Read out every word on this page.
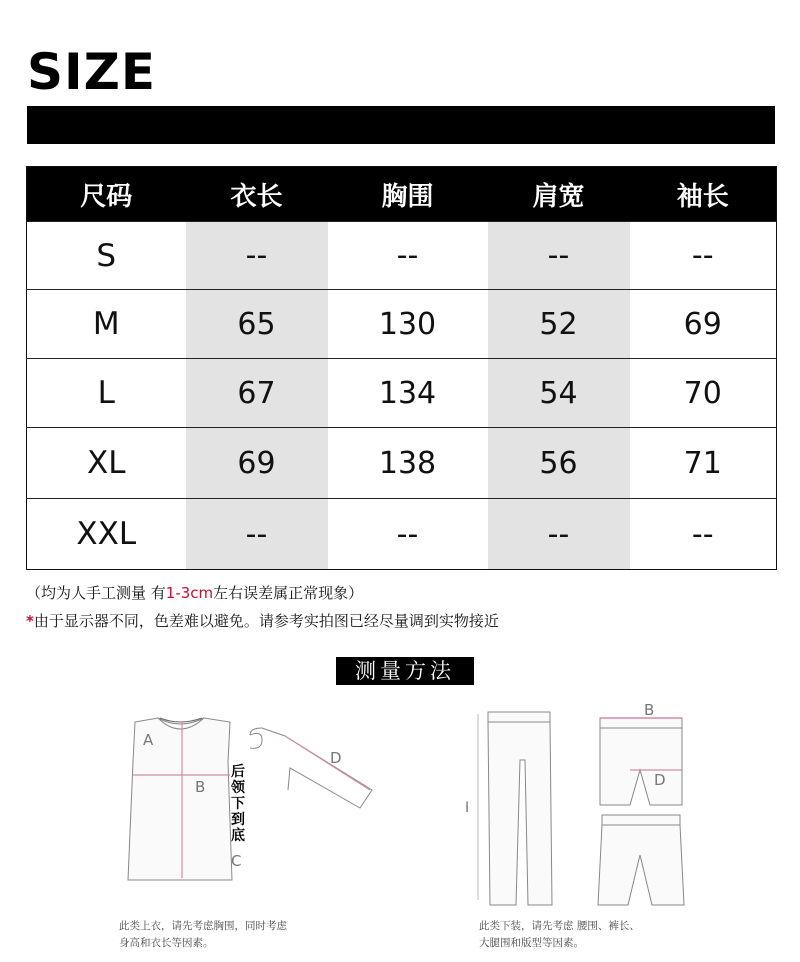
SIZE
尺码	衣长	胸围	肩宽	袖长
S	--	--	--	--
M	65	130	52	69
L	67	134	54	70
XL	69	138	56	71
XXL	--	--	--	--
（均为人手工测量 有1-3cm左右误差属正常现象）
*由于显示器不同，色差难以避免。请参考实拍图已经尽量调到实物接近
测量方法
A
B
C
D
I
B
D
后领下到底
此类上衣，请先考虑胸围，同时考虑
身高和衣长等因素。
此类下装，请先考虑 腰围、裤长、
大腿围和版型等因素。
